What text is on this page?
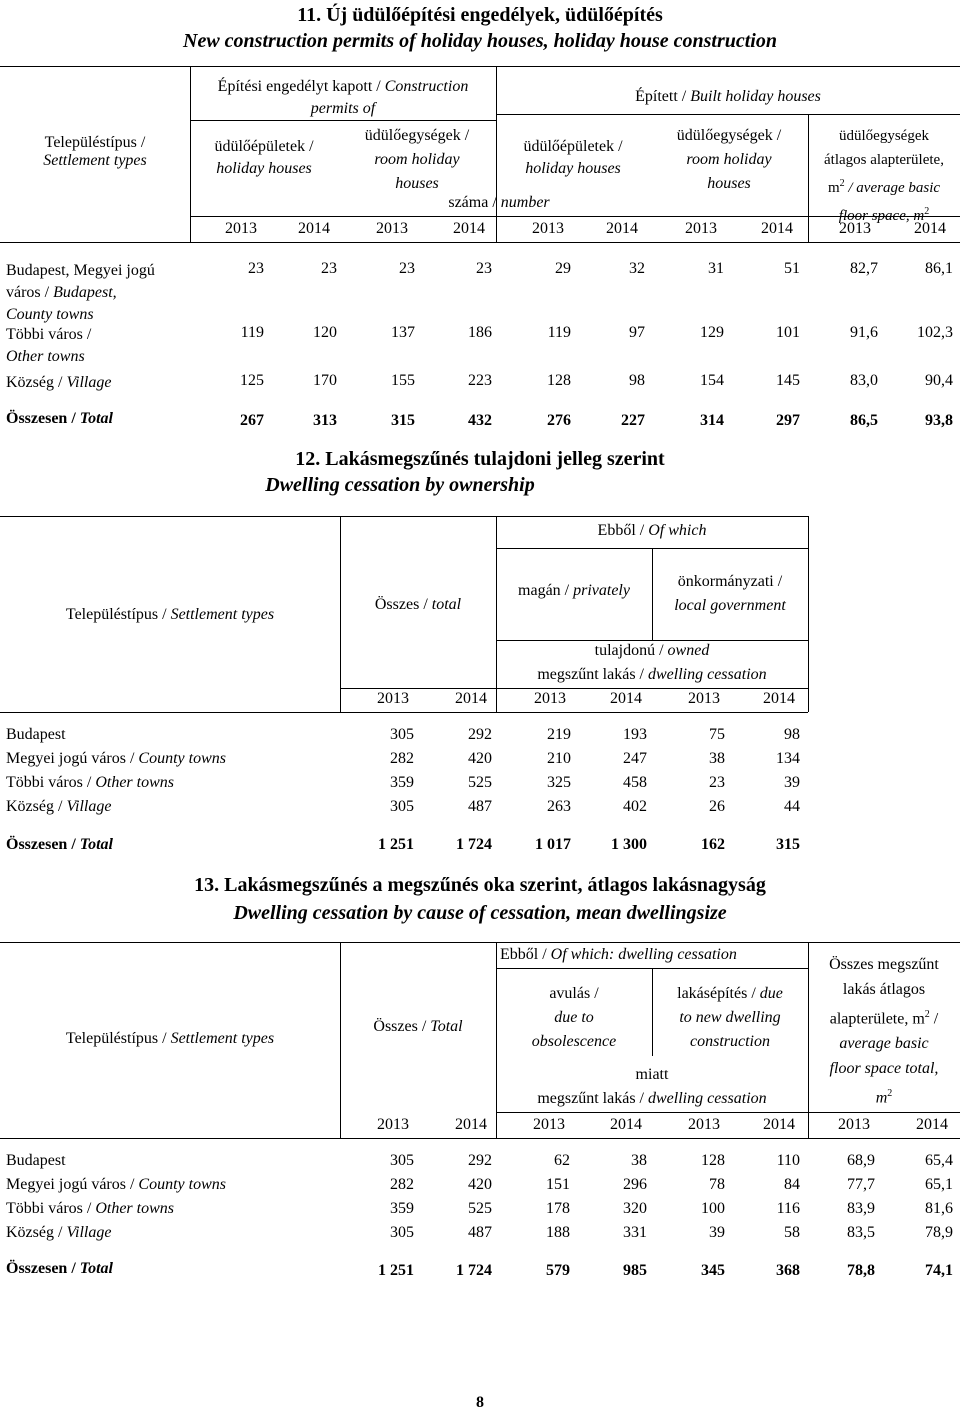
11. Új üdülőépítési engedélyek, üdülőépítés
New construction permits of holiday houses, holiday house construction
Településtípus /
Settlement types
Építési engedélyt kapott / Construction
permits of
Épített / Built holiday houses
üdülőépületek /
holiday houses
üdülőegységek /
room holiday
houses
üdülőépületek /
holiday houses
üdülőegységek /
room holiday
houses
üdülőegységek
átlagos alapterülete,
$m^2$ / average basic
floor space, $m^2$
száma / number
2013	2014	2013	2014	2013	2014	2013	2014	2013	2014
Budapest, Megyei jogú
város / Budapest,
County towns
23	23	23	23	29	32	31	51	82,7	86,1
Többi város /
Other towns
119	120	137	186	119	97	129	101	91,6	102,3
Község / Village	125	170	155	223	128	98	154	145	83,0	90,4
Összesen / Total	267	313	315	432	276	227	314	297	86,5	93,8
12. Lakásmegszűnés tulajdoni jelleg szerint
Dwelling cessation by ownership
Ebből / Of which
Településtípus / Settlement types
Összes / total
magán / privately
önkormányzati /
local government
tulajdonú / owned
megszűnt lakás / dwelling cessation
2013	2014	2013	2014	2013	2014
Budapest	305	292	219	193	75	98
Megyei jogú város / County towns	282	420	210	247	38	134
Többi város / Other towns	359	525	325	458	23	39
Község / Village	305	487	263	402	26	44
Összesen / Total	1 251	1 724	1 017	1 300	162	315
13. Lakásmegszűnés a megszűnés oka szerint, átlagos lakásnagyság
Dwelling cessation by cause of cessation, mean dwellingsize
Ebből / Of which: dwelling cessation
Településtípus / Settlement types
Összes / Total
avulás /
due to
obsolescence
lakásépítés / due
to new dwelling
construction
miatt
megszűnt lakás / dwelling cessation
Összes megszűnt
lakás átlagos
alapterülete, $m^2$ /
average basic
floor space total,
$m^2$
2013	2014	2013	2014	2013	2014	2013	2014
Budapest	305	292	62	38	128	110	68,9	65,4
Megyei jogú város / County towns	282	420	151	296	78	84	77,7	65,1
Többi város / Other towns	359	525	178	320	100	116	83,9	81,6
Község / Village	305	487	188	331	39	58	83,5	78,9
Összesen / Total	1 251	1 724	579	985	345	368	78,8	74,1
8
